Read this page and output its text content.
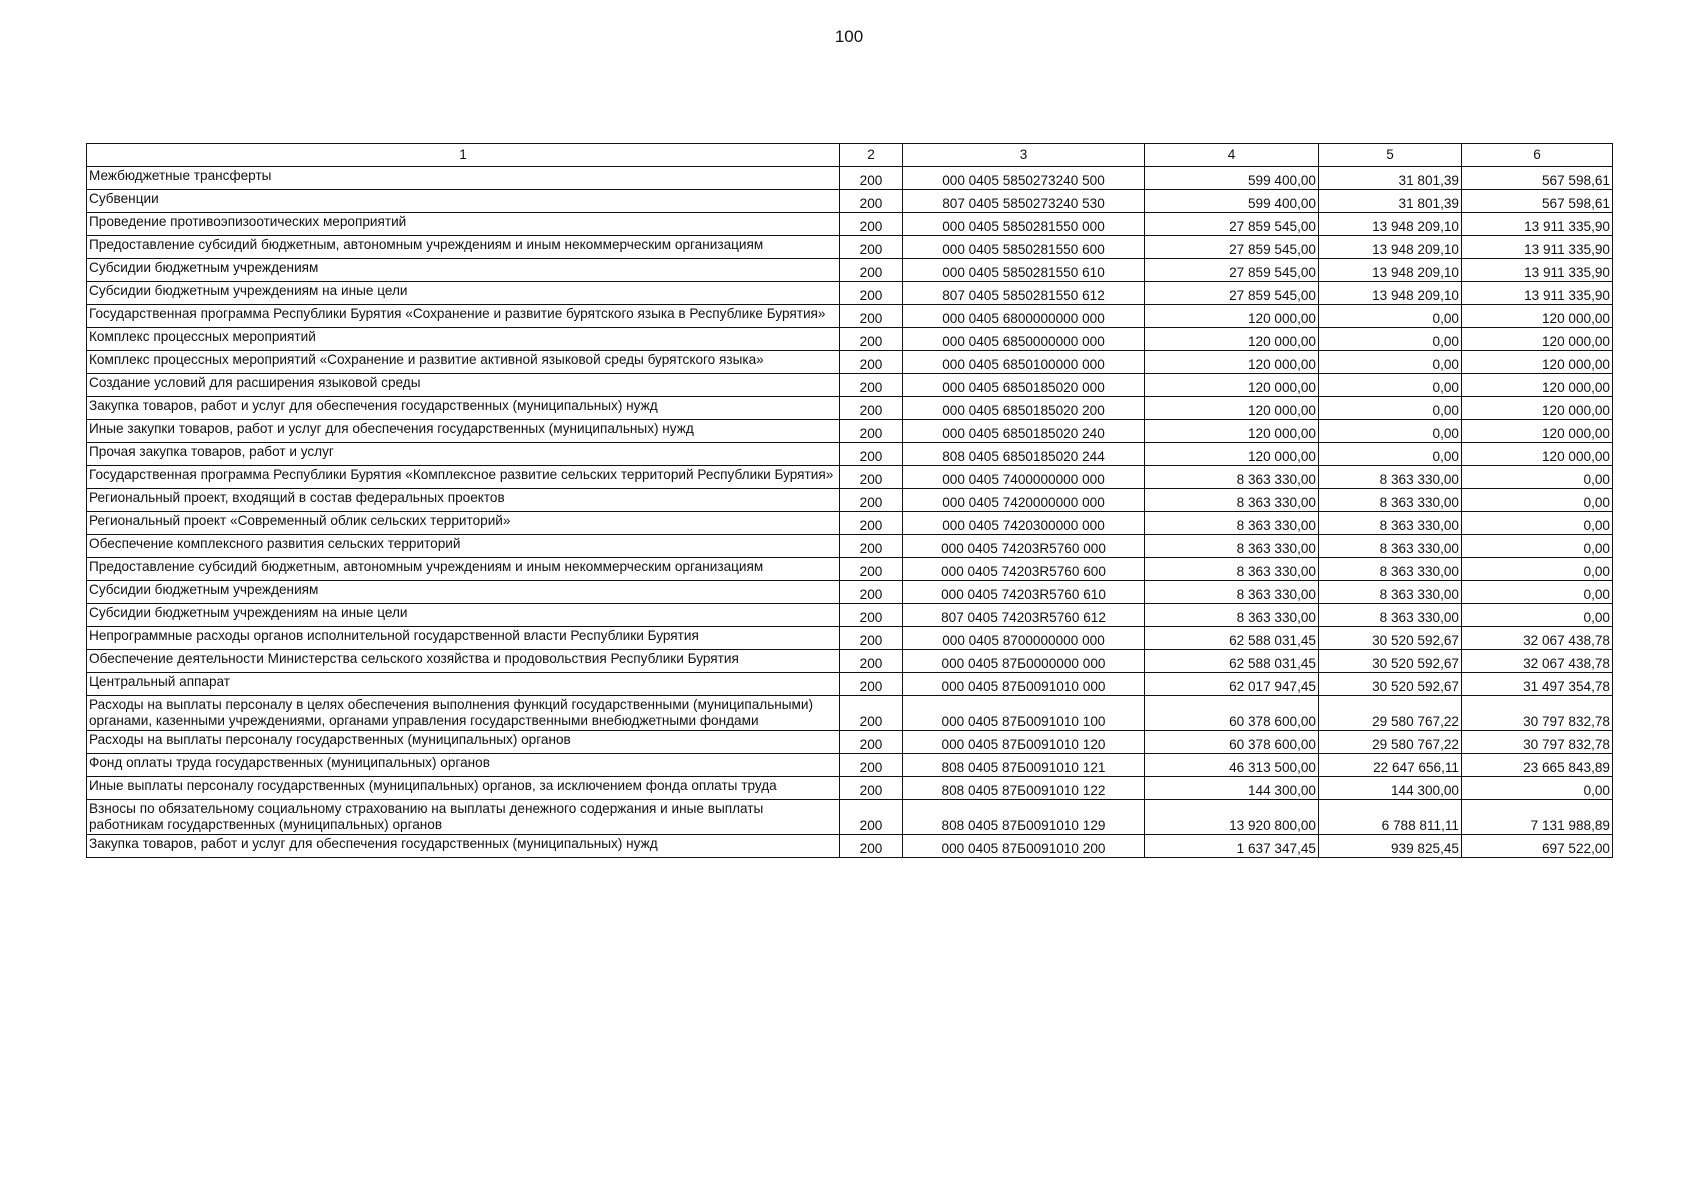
100
1	2	3	4	5	6
Межбюджетные трансферты	200	000 0405 5850273240 500	599 400,00	31 801,39	567 598,61
Субвенции	200	807 0405 5850273240 530	599 400,00	31 801,39	567 598,61
Проведение противоэпизоотических мероприятий	200	000 0405 5850281550 000	27 859 545,00	13 948 209,10	13 911 335,90
Предоставление субсидий бюджетным, автономным учреждениям и иным некоммерческим организациям	200	000 0405 5850281550 600	27 859 545,00	13 948 209,10	13 911 335,90
Субсидии бюджетным учреждениям	200	000 0405 5850281550 610	27 859 545,00	13 948 209,10	13 911 335,90
Субсидии бюджетным учреждениям на иные цели	200	807 0405 5850281550 612	27 859 545,00	13 948 209,10	13 911 335,90
Государственная программа Республики Бурятия «Сохранение и развитие бурятского языка в Республике Бурятия»	200	000 0405 6800000000 000	120 000,00	0,00	120 000,00
Комплекс процессных мероприятий	200	000 0405 6850000000 000	120 000,00	0,00	120 000,00
Комплекс процессных мероприятий «Сохранение и развитие активной языковой среды бурятского языка»	200	000 0405 6850100000 000	120 000,00	0,00	120 000,00
Создание условий для расширения языковой среды	200	000 0405 6850185020 000	120 000,00	0,00	120 000,00
Закупка товаров, работ и услуг для обеспечения государственных (муниципальных) нужд	200	000 0405 6850185020 200	120 000,00	0,00	120 000,00
Иные закупки товаров, работ и услуг для обеспечения государственных (муниципальных) нужд	200	000 0405 6850185020 240	120 000,00	0,00	120 000,00
Прочая закупка товаров, работ и услуг	200	808 0405 6850185020 244	120 000,00	0,00	120 000,00
Государственная программа Республики Бурятия «Комплексное развитие сельских территорий Республики Бурятия»	200	000 0405 7400000000 000	8 363 330,00	8 363 330,00	0,00
Региональный проект, входящий в состав федеральных проектов	200	000 0405 7420000000 000	8 363 330,00	8 363 330,00	0,00
Региональный проект «Современный облик сельских территорий»	200	000 0405 7420300000 000	8 363 330,00	8 363 330,00	0,00
Обеспечение комплексного развития сельских территорий	200	000 0405 74203R5760 000	8 363 330,00	8 363 330,00	0,00
Предоставление субсидий бюджетным, автономным учреждениям и иным некоммерческим организациям	200	000 0405 74203R5760 600	8 363 330,00	8 363 330,00	0,00
Субсидии бюджетным учреждениям	200	000 0405 74203R5760 610	8 363 330,00	8 363 330,00	0,00
Субсидии бюджетным учреждениям на иные цели	200	807 0405 74203R5760 612	8 363 330,00	8 363 330,00	0,00
Непрограммные расходы органов исполнительной государственной власти Республики Бурятия	200	000 0405 8700000000 000	62 588 031,45	30 520 592,67	32 067 438,78
Обеспечение деятельности Министерства сельского хозяйства и продовольствия Республики Бурятия	200	000 0405 87Б0000000 000	62 588 031,45	30 520 592,67	32 067 438,78
Центральный аппарат	200	000 0405 87Б0091010 000	62 017 947,45	30 520 592,67	31 497 354,78
Расходы на выплаты персоналу в целях обеспечения выполнения функций государственными (муниципальными) органами, казенными учреждениями, органами управления государственными внебюджетными фондами	200	000 0405 87Б0091010 100	60 378 600,00	29 580 767,22	30 797 832,78
Расходы на выплаты персоналу государственных (муниципальных) органов	200	000 0405 87Б0091010 120	60 378 600,00	29 580 767,22	30 797 832,78
Фонд оплаты труда государственных (муниципальных) органов	200	808 0405 87Б0091010 121	46 313 500,00	22 647 656,11	23 665 843,89
Иные выплаты персоналу государственных (муниципальных) органов, за исключением фонда оплаты труда	200	808 0405 87Б0091010 122	144 300,00	144 300,00	0,00
Взносы по обязательному социальному страхованию на выплаты денежного содержания и иные выплаты работникам государственных (муниципальных) органов	200	808 0405 87Б0091010 129	13 920 800,00	6 788 811,11	7 131 988,89
Закупка товаров, работ и услуг для обеспечения государственных (муниципальных) нужд	200	000 0405 87Б0091010 200	1 637 347,45	939 825,45	697 522,00
